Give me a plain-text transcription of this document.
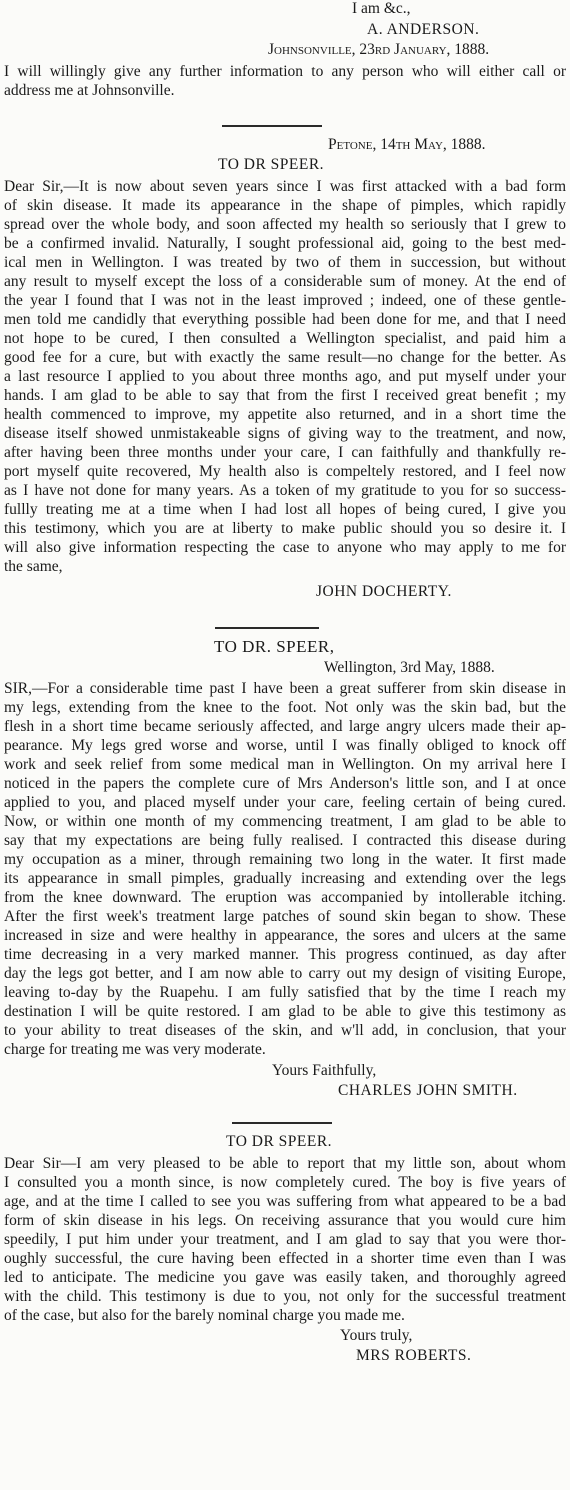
I am &c.,
A. ANDERSON.
Johnsonville, 23rd January, 1888.
I will willingly give any further information to any person who will either call or
address me at Johnsonville.
Petone, 14th May, 1888.
TO DR SPEER.
Dear Sir,—It is now about seven years since I was first attacked with a bad form
of skin disease. It made its appearance in the shape of pimples, which rapidly
spread over the whole body, and soon affected my health so seriously that I grew to
be a confirmed invalid. Naturally, I sought professional aid, going to the best med-
ical men in Wellington. I was treated by two of them in succession, but without
any result to myself except the loss of a considerable sum of money. At the end of
the year I found that I was not in the least improved ; indeed, one of these gentle-
men told me candidly that everything possible had been done for me, and that I need
not hope to be cured, I then consulted a Wellington specialist, and paid him a
good fee for a cure, but with exactly the same result—no change for the better. As
a last resource I applied to you about three months ago, and put myself under your
hands. I am glad to be able to say that from the first I received great benefit ; my
health commenced to improve, my appetite also returned, and in a short time the
disease itself showed unmistakeable signs of giving way to the treatment, and now,
after having been three months under your care, I can faithfully and thankfully re-
port myself quite recovered, My health also is compeltely restored, and I feel now
as I have not done for many years. As a token of my gratitude to you for so success-
fullly treating me at a time when I had lost all hopes of being cured, I give you
this testimony, which you are at liberty to make public should you so desire it. I
will also give information respecting the case to anyone who may apply to me for
the same,
JOHN DOCHERTY.
TO DR. SPEER,
Wellington, 3rd May, 1888.
SIR,—For a considerable time past I have been a great sufferer from skin disease in
my legs, extending from the knee to the foot. Not only was the skin bad, but the
flesh in a short time became seriously affected, and large angry ulcers made their ap-
pearance. My legs gred worse and worse, until I was finally obliged to knock off
work and seek relief from some medical man in Wellington. On my arrival here I
noticed in the papers the complete cure of Mrs Anderson's little son, and I at once
applied to you, and placed myself under your care, feeling certain of being cured.
Now, or within one month of my commencing treatment, I am glad to be able to
say that my expectations are being fully realised. I contracted this disease during
my occupation as a miner, through remaining two long in the water. It first made
its appearance in small pimples, gradually increasing and extending over the legs
from the knee downward. The eruption was accompanied by intollerable itching.
After the first week's treatment large patches of sound skin began to show. These
increased in size and were healthy in appearance, the sores and ulcers at the same
time decreasing in a very marked manner. This progress continued, as day after
day the legs got better, and I am now able to carry out my design of visiting Europe,
leaving to-day by the Ruapehu. I am fully satisfied that by the time I reach my
destination I will be quite restored. I am glad to be able to give this testimony as
to your ability to treat diseases of the skin, and w'll add, in conclusion, that your
charge for treating me was very moderate.
Yours Faithfully,
CHARLES JOHN SMITH.
TO DR SPEER.
Dear Sir—I am very pleased to be able to report that my little son, about whom
I consulted you a month since, is now completely cured. The boy is five years of
age, and at the time I called to see you was suffering from what appeared to be a bad
form of skin disease in his legs. On receiving assurance that you would cure him
speedily, I put him under your treatment, and I am glad to say that you were thor-
oughly successful, the cure having been effected in a shorter time even than I was
led to anticipate. The medicine you gave was easily taken, and thoroughly agreed
with the child. This testimony is due to you, not only for the successful treatment
of the case, but also for the barely nominal charge you made me.
Yours truly,
MRS ROBERTS.
